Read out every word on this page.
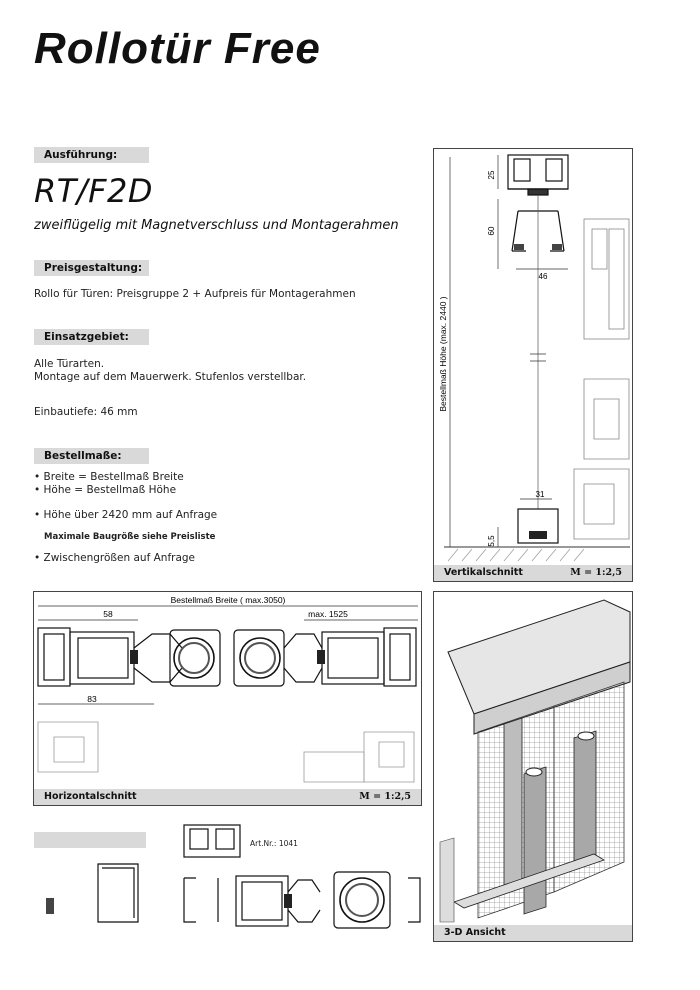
Rollotür Free
Ausführung:
RT/F2D
zweiflügelig mit Magnetverschluss und Montagerahmen
Preisgestaltung:
Rollo für Türen: Preisgruppe 2 + Aufpreis für Montagerahmen
Einsatzgebiet:
Alle Türarten.
Montage auf dem Mauerwerk. Stufenlos verstellbar.
Einbautiefe: 46 mm
Bestellmaße:
• Breite = Bestellmaß Breite
• Höhe = Bestellmaß Höhe
• Höhe über 2420 mm auf Anfrage
Maximale Baugröße siehe Preisliste
• Zwischengrößen auf Anfrage
25
60
46
31
5,5
Bestellmaß Höhe (max. 2440 )
Vertikalschnitt	M = 1:2,5
Bestellmaß Breite ( max.3050)
58	max. 1525
83
Horizontalschnitt	M = 1:2,5
3-D Ansicht
Art.Nr.: 1041
